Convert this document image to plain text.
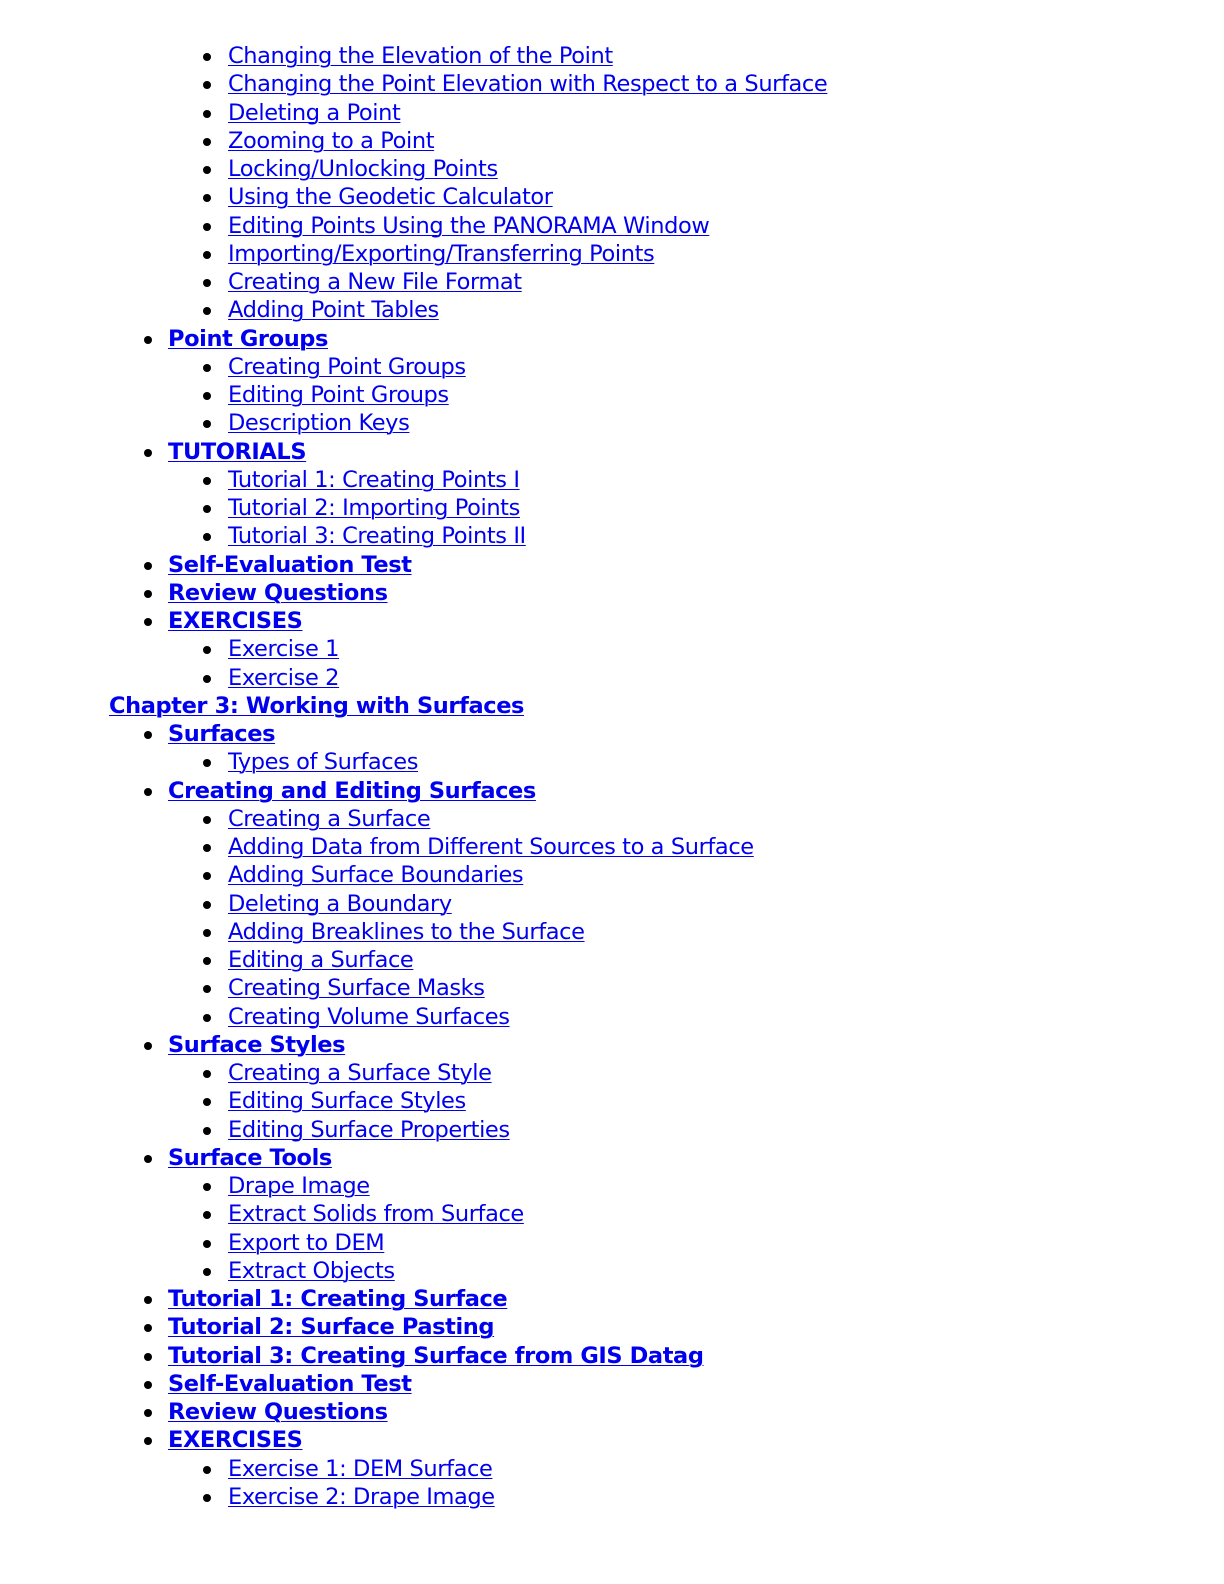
Changing the Elevation of the Point
Changing the Point Elevation with Respect to a Surface
Deleting a Point
Zooming to a Point
Locking/Unlocking Points
Using the Geodetic Calculator
Editing Points Using the PANORAMA Window
Importing/Exporting/Transferring Points
Creating a New File Format
Adding Point Tables
Point Groups
Creating Point Groups
Editing Point Groups
Description Keys
TUTORIALS
Tutorial 1: Creating Points I
Tutorial 2: Importing Points
Tutorial 3: Creating Points II
Self-Evaluation Test
Review Questions
EXERCISES
Exercise 1
Exercise 2
Chapter 3: Working with Surfaces
Surfaces
Types of Surfaces
Creating and Editing Surfaces
Creating a Surface
Adding Data from Different Sources to a Surface
Adding Surface Boundaries
Deleting a Boundary
Adding Breaklines to the Surface
Editing a Surface
Creating Surface Masks
Creating Volume Surfaces
Surface Styles
Creating a Surface Style
Editing Surface Styles
Editing Surface Properties
Surface Tools
Drape Image
Extract Solids from Surface
Export to DEM
Extract Objects
Tutorial 1: Creating Surface
Tutorial 2: Surface Pasting
Tutorial 3: Creating Surface from GIS Datag
Self-Evaluation Test
Review Questions
EXERCISES
Exercise 1: DEM Surface
Exercise 2: Drape Image
